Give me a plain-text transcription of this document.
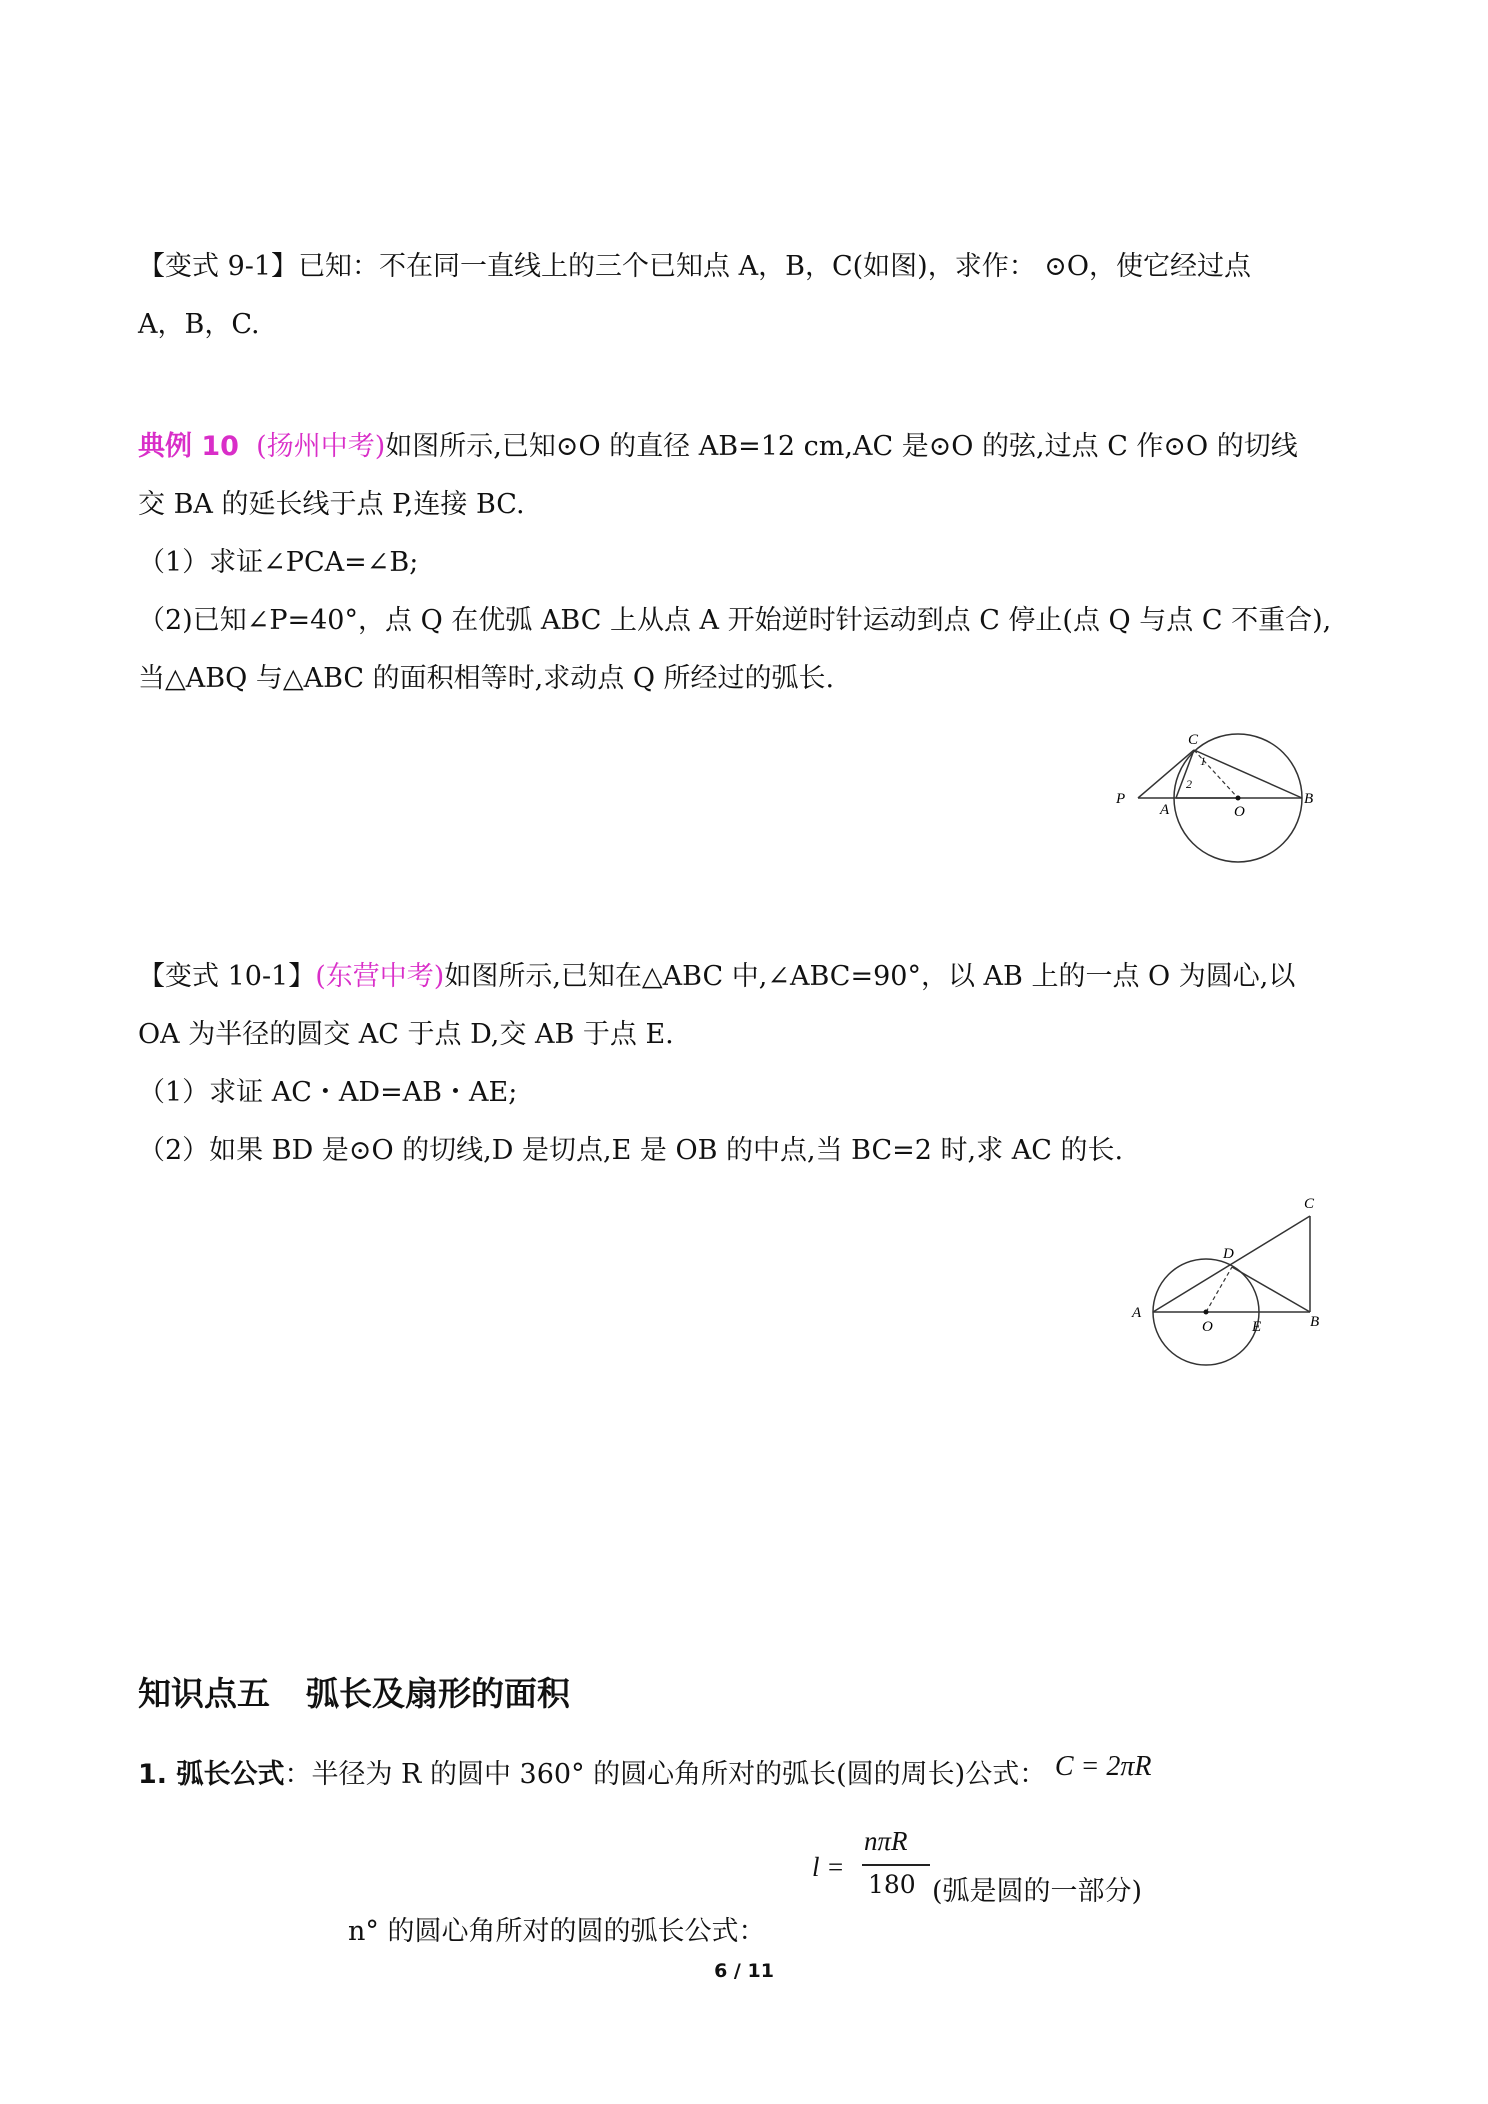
【变式 9-1】已知：不在同一直线上的三个已知点 A，B，C(如图)，求作： ⊙O，使它经过点
A，B，C.
典例 10 (扬州中考)如图所示,已知⊙O 的直径 AB=12 cm,AC 是⊙O 的弦,过点 C 作⊙O 的切线
交 BA 的延长线于点 P,连接 BC.
（1）求证∠PCA=∠B;
（2)已知∠P=40°，点 Q 在优弧 ABC 上从点 A 开始逆时针运动到点 C 停止(点 Q 与点 C 不重合),
当△ABQ 与△ABC 的面积相等时,求动点 Q 所经过的弧长.
C
1
2
P
A	O
B
【变式 10-1】(东营中考)如图所示,已知在△ABC 中,∠ABC=90°，以 AB 上的一点 O 为圆心,以
OA 为半径的圆交 AC 于点 D,交 AB 于点 E.
（1）求证 AC・AD=AB・AE;
（2）如果 BD 是⊙O 的切线,D 是切点,E 是 OB 的中点,当 BC=2 时,求 AC 的长.
C
D
A
O	E	B
知识点五 弧长及扇形的面积
1. 弧长公式：半径为 R 的圆中 360° 的圆心角所对的弧长(圆的周长)公式： C = 2πR
n° 的圆心角所对的圆的弧长公式：
l =
nπR
180 (弧是圆的一部分)
6 / 11
